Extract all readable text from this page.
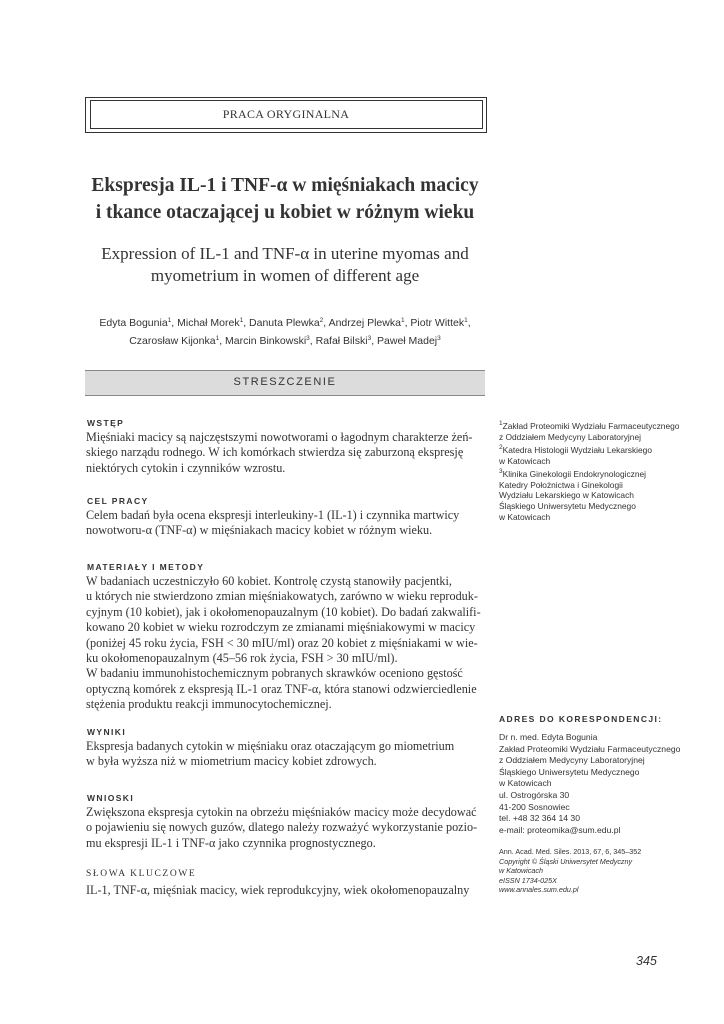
PRACA ORYGINALNA
Ekspresja IL-1 i TNF-α w mięśniakach macicy
i tkance otaczającej u kobiet w różnym wieku
Expression of IL-1 and TNF-α in uterine myomas and
myometrium in women of different age
Edyta Bogunia$^1$, Michał Morek$^1$, Danuta Plewka$^2$, Andrzej Plewka$^1$, Piotr Wittek$^1$,
Czarosław Kijonka$^1$, Marcin Binkowski$^3$, Rafał Bilski$^3$, Paweł Madej$^3$
STRESZCZENIE
WSTĘP
Mięśniaki macicy są najczęstszymi nowotworami o łagodnym charakterze żeń-
skiego narządu rodnego. W ich komórkach stwierdza się zaburzoną ekspresję
niektórych cytokin i czynników wzrostu.
CEL PRACY
Celem badań była ocena ekspresji interleukiny-1 (IL-1) i czynnika martwicy
nowotworu-α (TNF-α) w mięśniakach macicy kobiet w różnym wieku.
MATERIAŁY I METODY
W badaniach uczestniczyło 60 kobiet. Kontrolę czystą stanowiły pacjentki,
u których nie stwierdzono zmian mięśniakowatych, zarówno w wieku reproduk-
cyjnym (10 kobiet), jak i okołomenopauzalnym (10 kobiet). Do badań zakwalifi-
kowano 20 kobiet w wieku rozrodczym ze zmianami mięśniakowymi w macicy
(poniżej 45 roku życia, FSH < 30 mIU/ml) oraz 20 kobiet z mięśniakami w wie-
ku okołomenopauzalnym (45–56 rok życia, FSH > 30 mIU/ml).
W badaniu immunohistochemicznym pobranych skrawków oceniono gęstość
optyczną komórek z ekspresją IL-1 oraz TNF-α, która stanowi odzwierciedlenie
stężenia produktu reakcji immunocytochemicznej.
WYNIKI
Ekspresja badanych cytokin w mięśniaku oraz otaczającym go miometrium
w była wyższa niż w miometrium macicy kobiet zdrowych.
WNIOSKI
Zwiększona ekspresja cytokin na obrzeżu mięśniaków macicy może decydować
o pojawieniu się nowych guzów, dlatego należy rozważyć wykorzystanie pozio-
mu ekspresji IL-1 i TNF-α jako czynnika prognostycznego.
SŁOWA KLUCZOWE
IL-1, TNF-α, mięśniak macicy, wiek reprodukcyjny, wiek okołomenopauzalny
$^1$Zakład Proteomiki Wydziału Farmaceutycznego
z Oddziałem Medycyny Laboratoryjnej
$^2$Katedra Histologii Wydziału Lekarskiego
w Katowicach
$^3$Klinika Ginekologii Endokrynologicznej
Katedry Położnictwa i Ginekologii
Wydziału Lekarskiego w Katowicach
Śląskiego Uniwersytetu Medycznego
w Katowicach
ADRES DO KORESPONDENCJI:
Dr n. med. Edyta Bogunia
Zakład Proteomiki Wydziału Farmaceutycznego
z Oddziałem Medycyny Laboratoryjnej
Śląskiego Uniwersytetu Medycznego
w Katowicach
ul. Ostrogórska 30
41-200 Sosnowiec
tel. +48 32 364 14 30
e-mail: proteomika@sum.edu.pl
Ann. Acad. Med. Siles. 2013, 67, 6, 345–352
Copyright © Śląski Uniwersytet Medyczny
w Katowicach
eISSN 1734-025X
www.annales.sum.edu.pl
345
